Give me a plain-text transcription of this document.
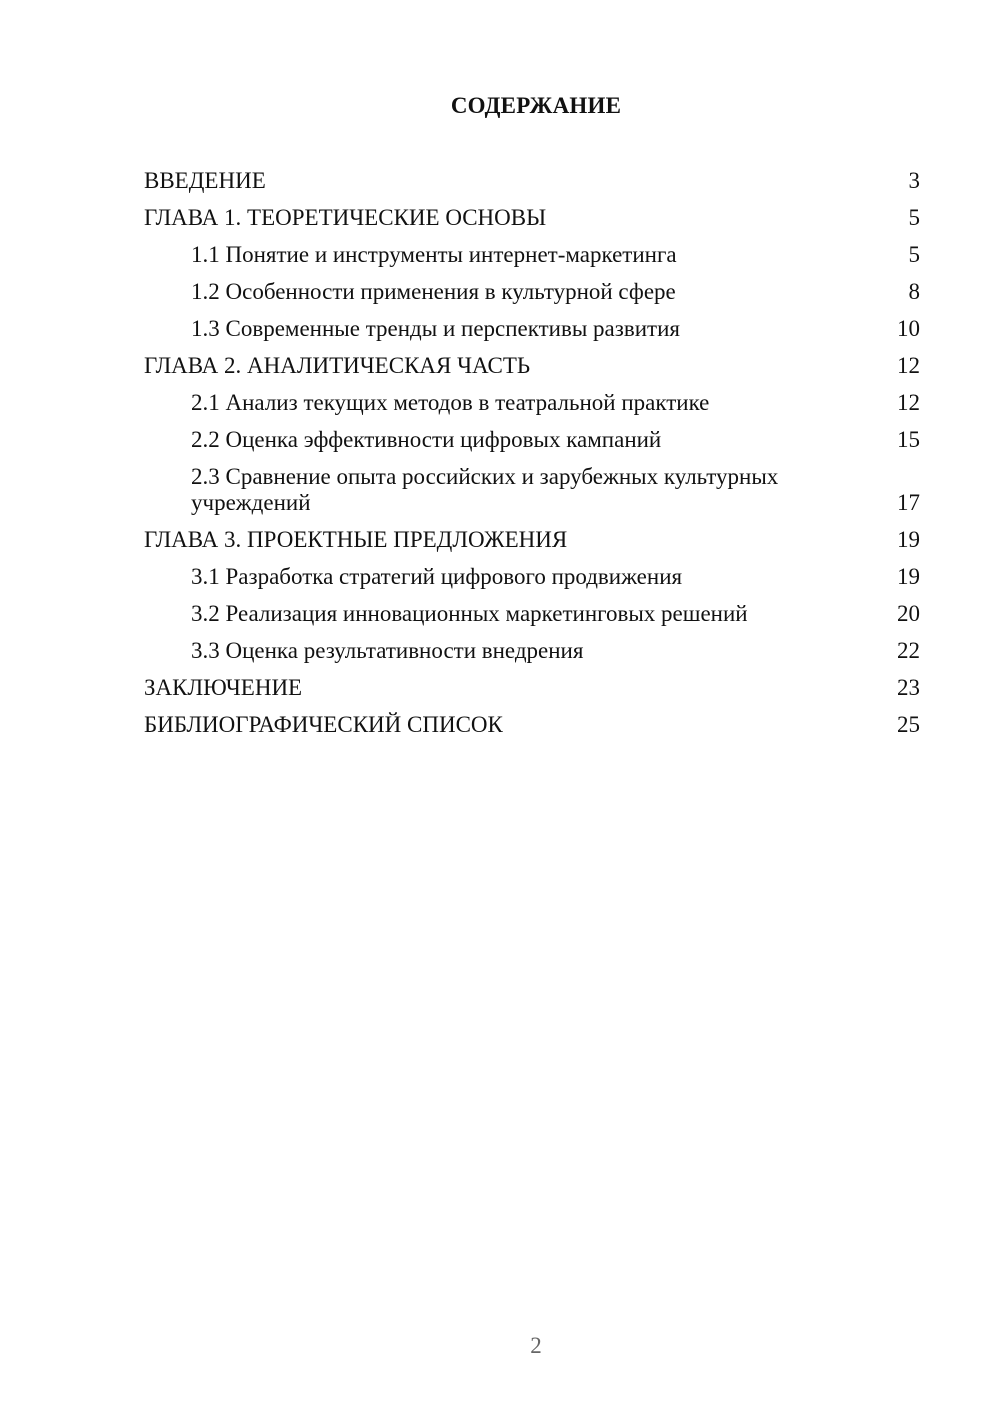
СОДЕРЖАНИЕ
ВВЕДЕНИЕ	3
ГЛАВА 1. ТЕОРЕТИЧЕСКИЕ ОСНОВЫ	5
1.1 Понятие и инструменты интернет-маркетинга	5
1.2 Особенности применения в культурной сфере	8
1.3 Современные тренды и перспективы развития	10
ГЛАВА 2. АНАЛИТИЧЕСКАЯ ЧАСТЬ	12
2.1 Анализ текущих методов в театральной практике	12
2.2 Оценка эффективности цифровых кампаний	15
2.3 Сравнение опыта российских и зарубежных культурных учреждений	17
ГЛАВА 3. ПРОЕКТНЫЕ ПРЕДЛОЖЕНИЯ	19
3.1 Разработка стратегий цифрового продвижения	19
3.2 Реализация инновационных маркетинговых решений	20
3.3 Оценка результативности внедрения	22
ЗАКЛЮЧЕНИЕ	23
БИБЛИОГРАФИЧЕСКИЙ СПИСОК	25
2
